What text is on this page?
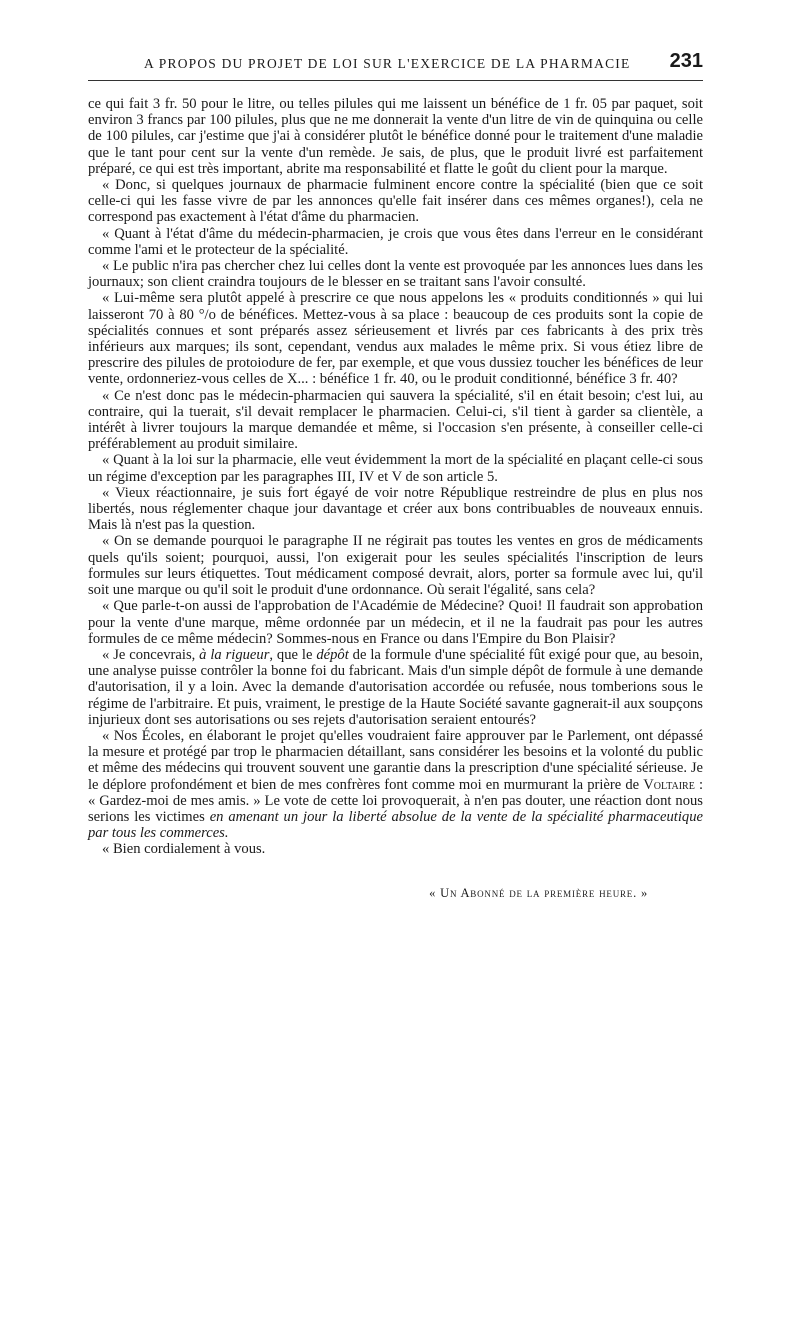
A PROPOS DU PROJET DE LOI SUR L'EXERCICE DE LA PHARMACIE 231

ce qui fait 3 fr. 50 pour le litre, ou telles pilules qui me laissent un bénéfice de 1 fr. 05 par paquet, soit environ 3 francs par 100 pilules, plus que ne me donnerait la vente d'un litre de vin de quinquina ou celle de 100 pilules, car j'estime que j'ai à considérer plutôt le bénéfice donné pour le traitement d'une maladie que le tant pour cent sur la vente d'un remède. Je sais, de plus, que le produit livré est parfaitement préparé, ce qui est très important, abrite ma responsabilité et flatte le goût du client pour la marque.

« Donc, si quelques journaux de pharmacie fulminent encore contre la spécialité (bien que ce soit celle-ci qui les fasse vivre de par les annonces qu'elle fait insérer dans ces mêmes organes!), cela ne correspond pas exactement à l'état d'âme du pharmacien.

« Quant à l'état d'âme du médecin-pharmacien, je crois que vous êtes dans l'erreur en le considérant comme l'ami et le protecteur de la spécialité.

« Le public n'ira pas chercher chez lui celles dont la vente est provoquée par les annonces lues dans les journaux; son client craindra toujours de le blesser en se traitant sans l'avoir consulté.

« Lui-même sera plutôt appelé à prescrire ce que nous appelons les « produits conditionnés » qui lui laisseront 70 à 80 °/o de bénéfices. Mettez-vous à sa place : beaucoup de ces produits sont la copie de spécialités connues et sont préparés assez sérieusement et livrés par ces fabricants à des prix très inférieurs aux marques; ils sont, cependant, vendus aux malades le même prix. Si vous étiez libre de prescrire des pilules de protoiodure de fer, par exemple, et que vous dussiez toucher les bénéfices de leur vente, ordonneriez-vous celles de X... : bénéfice 1 fr. 40, ou le produit conditionné, bénéfice 3 fr. 40?

« Ce n'est donc pas le médecin-pharmacien qui sauvera la spécialité, s'il en était besoin; c'est lui, au contraire, qui la tuerait, s'il devait remplacer le pharmacien. Celui-ci, s'il tient à garder sa clientèle, a intérêt à livrer toujours la marque demandée et même, si l'occasion s'en présente, à conseiller celle-ci préférablement au produit similaire.

« Quant à la loi sur la pharmacie, elle veut évidemment la mort de la spécialité en plaçant celle-ci sous un régime d'exception par les paragraphes III, IV et V de son article 5.

« Vieux réactionnaire, je suis fort égayé de voir notre République restreindre de plus en plus nos libertés, nous réglementer chaque jour davantage et créer aux bons contribuables de nouveaux ennuis. Mais là n'est pas la question.

« On se demande pourquoi le paragraphe II ne régirait pas toutes les ventes en gros de médicaments quels qu'ils soient; pourquoi, aussi, l'on exigerait pour les seules spécialités l'inscription de leurs formules sur leurs étiquettes. Tout médicament composé devrait, alors, porter sa formule avec lui, qu'il soit une marque ou qu'il soit le produit d'une ordonnance. Où serait l'égalité, sans cela?

« Que parle-t-on aussi de l'approbation de l'Académie de Médecine? Quoi! Il faudrait son approbation pour la vente d'une marque, même ordonnée par un médecin, et il ne la faudrait pas pour les autres formules de ce même médecin? Sommes-nous en France ou dans l'Empire du Bon Plaisir?

« Je concevrais, à la rigueur, que le dépôt de la formule d'une spécialité fût exigé pour que, au besoin, une analyse puisse contrôler la bonne foi du fabricant. Mais d'un simple dépôt de formule à une demande d'autorisation, il y a loin. Avec la demande d'autorisation accordée ou refusée, nous tomberions sous le régime de l'arbitraire. Et puis, vraiment, le prestige de la Haute Société savante gagnerait-il aux soupçons injurieux dont ses autorisations ou ses rejets d'autorisation seraient entourés?

« Nos Écoles, en élaborant le projet qu'elles voudraient faire approuver par le Parlement, ont dépassé la mesure et protégé par trop le pharmacien détaillant, sans considérer les besoins et la volonté du public et même des médecins qui trouvent souvent une garantie dans la prescription d'une spécialité sérieuse. Je le déplore profondément et bien de mes confrères font comme moi en murmurant la prière de Voltaire : « Gardez-moi de mes amis. » Le vote de cette loi provoquerait, à n'en pas douter, une réaction dont nous serions les victimes en amenant un jour la liberté absolue de la vente de la spécialité pharmaceutique par tous les commerces.

« Bien cordialement à vous.

« Un Abonné de la première heure. »
